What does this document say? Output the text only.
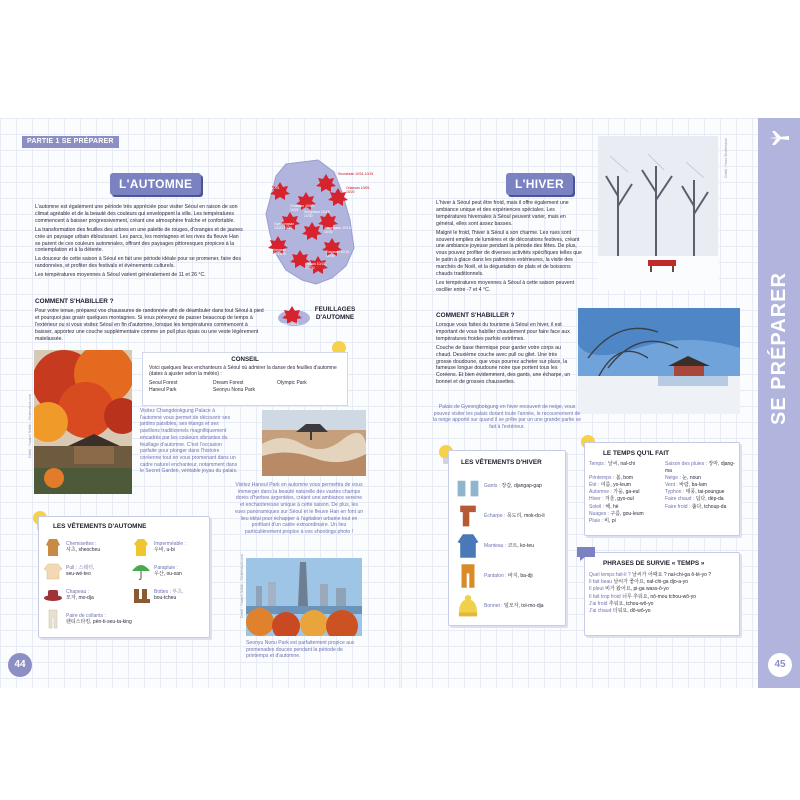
PARTIE 1 SE PRÉPARER
L'AUTOMNE

L'automne est également une période très appréciée pour visiter Séoul en raison de son climat agréable et de la beauté des couleurs qui enveloppent la ville. Les températures commencent à baisser progressivement, créant une atmosphère fraîche et confortable.

La transformation des feuilles des arbres en une palette de rouges, d'oranges et de jaunes crée un paysage urbain éblouissant. Les parcs, les montagnes et les rives du fleuve Han se parent de ces couleurs automnales, offrant des paysages pittoresques propices à la contemplation et à la détente.

La douceur de cette saison à Séoul en fait une période idéale pour se promener, faire des randonnées, et profiter des festivals et événements culturels.

Les températures moyennes à Séoul varient généralement de 11 et 26 °C.

Seoraksan 10/01-10/15
Odaesan 10/05-10/20
Seoul 10/20-11/01
Chiaksan 10/10-10/25	Songnisan 10/15-10/30
Gyeryongsan 10/20-10/31	Juwangsan 10/15-10/30
Naejangsan 10/25-11/05
Jirisan 10/15-10/30
Gayasan 10/15-10/30
Hallasan 10/25-11/10
Mudeungsan 10/25-11/05
FEUILLAGES D'AUTOMNE
COMMENT S'HABILLER ?
Pour votre tenue, préparez vos chaussures de randonnée afin de déambuler dans tout Séoul à pied et pourquoi pas gravir quelques montagnes. Si vous prévoyez de passer beaucoup de temps à l'extérieur ou si vous visitez Séoul en fin d'automne, lorsque les températures commencent à baisser, apportez une couche supplémentaire comme un pull plus épais ou une veste légèrement matelassée.
Crédit : Yusanni Sofiah - Shutterstock.com
CONSEIL
Voici quelques lieux enchanteurs à Séoul où admirer la danse des feuilles d'automne (dates à ajuster selon la météo) :
Seoul Forest	Dream Forest	Olympic Park
Haneul Park	Seonyu Nonu Park
Visitez Changdeokgung Palace à l'automne vous permet de découvrir ses jardins paisibles, ses étangs et ses pavillons traditionnels magnifiquement encadrés par les couleurs vibrantes du feuillage d'automne. C'est l'occasion parfaite pour plonger dans l'histoire coréenne tout en vous promenant dans un cadre naturel enchanteur, notamment dans le Secret Garden, véritable joyau du palais.
Visitez Haneul Park en automne vous permettra de vous immerger dans la beauté naturelle des vastes champs dorés d'herbes argentées, créant une ambiance sereine et enchanteresse unique à cette saison. De plus, les vues panoramiques sur Séoul et le fleuve Han en font un lieu idéal pour échapper à l'agitation urbaine tout en profitant d'un cadre extraordinaire. Un lieu particulièrement propice à vos shootings photo !
LES VÊTEMENTS D'AUTOMNE
Chemisettes :
셔츠, sheocheu
Imperméable :
우비, u-bi
Pull : 스웨터,
seu-wé-teo
Parapluie :
우산, ou-san
Chapeau :
모자, mo-dja
Bottes : 부츠,
bou-tcheu
Paire de collants :
팬티스타킹, pèn-ti-seu-ta-king
Crédit : Yusanni Sofiah - Shutterstock.com
Seonyu Nonu Park est parfaitement propice aux promenades douces pendant la période de printemps et d'automne.
44
L'HIVER

L'hiver à Séoul peut être froid, mais il offre également une ambiance unique et des expériences spéciales. Les températures hivernales à Séoul peuvent varier, mais en général, elles sont assez basses.

Malgré le froid, l'hiver à Séoul a son charme. Les rues sont souvent emplies de lumières et de décorations festives, créant une ambiance joyeuse pendant la période des fêtes. De plus, vous pouvez profiter de diverses activités spécifiques telles que le patin à glace dans les patinoires extérieures, la visite des marchés de Noël, et la dégustation de plats et de boissons chauds traditionnels.

Les températures moyennes à Séoul à cette saison peuvent osciller entre -7 et 4 °C.

Crédit : Yeoul Shutterstock
COMMENT S'HABILLER ?

Lorsque vous faites du tourisme à Séoul en hiver, il est important de vous habiller chaudement pour faire face aux températures froides parfois extrêmes.

Couche de base thermique pour garder votre corps au chaud. Deuxième couche avec pull ou gilet. Une très grosse doudoune, que vous pourrez acheter sur place, la fameuse longue doudoune noire que portent tous les Coréens. Et bien évidemment, des gants, une écharpe, un bonnet et de grosses chaussettes.

Palais de Gyeongbokgung en hiver recouvert de neige, vous pouvez visiter les palais durant toute l'année, le recouvrement de la neige apporté sur quand il se prête par un une grande partie se fait à l'extérieur.
LES VÊTEMENTS D'HIVER
Gants : 장갑, djangap-gap
Écharpe : 목도리, mok-do-li
Manteau : 코트, ko-teu
Pantalon : 바지, ba-dji
Bonnet : 털모자, tol-mo-dja
LE TEMPS QU'IL FAIT
Temps : 날씨, nal-chi	Saison des pluies : 장마, djang-ma
Printemps : 봄, bom	Neige : 눈, noun
Été : 여름, yo-leum	Vent : 바람, ba-lam
Automne : 가을, ga-eul	Typhon : 태풍, tai-poungue
Hiver : 겨울, gyo-oul	Faire chaud : 덥다, dèp-da
Soleil : 해, hè	Faire froid : 춥다, tchoup-da
Nuages : 구름, gou-leum
Pluie : 비, pi
PHRASES DE SURVIE « TEMPS »
Quel temps fait-il ? 날씨가 어때요 ? nal-chi-ga ô-tè-yo ?
Il fait beau 날씨가 좋아요, nal-chi-ga djo-a-yo
Il pleut 비가 왔어요, pi-ga wass-ô-yo
Il fait trop froid 너무 추워요, nô-mou tchou-wô-yo
J'ai froid 추워요, tchou-wô-yo
J'ai chaud 더워요, dô-wô-yo
SE PRÉPARER
45
